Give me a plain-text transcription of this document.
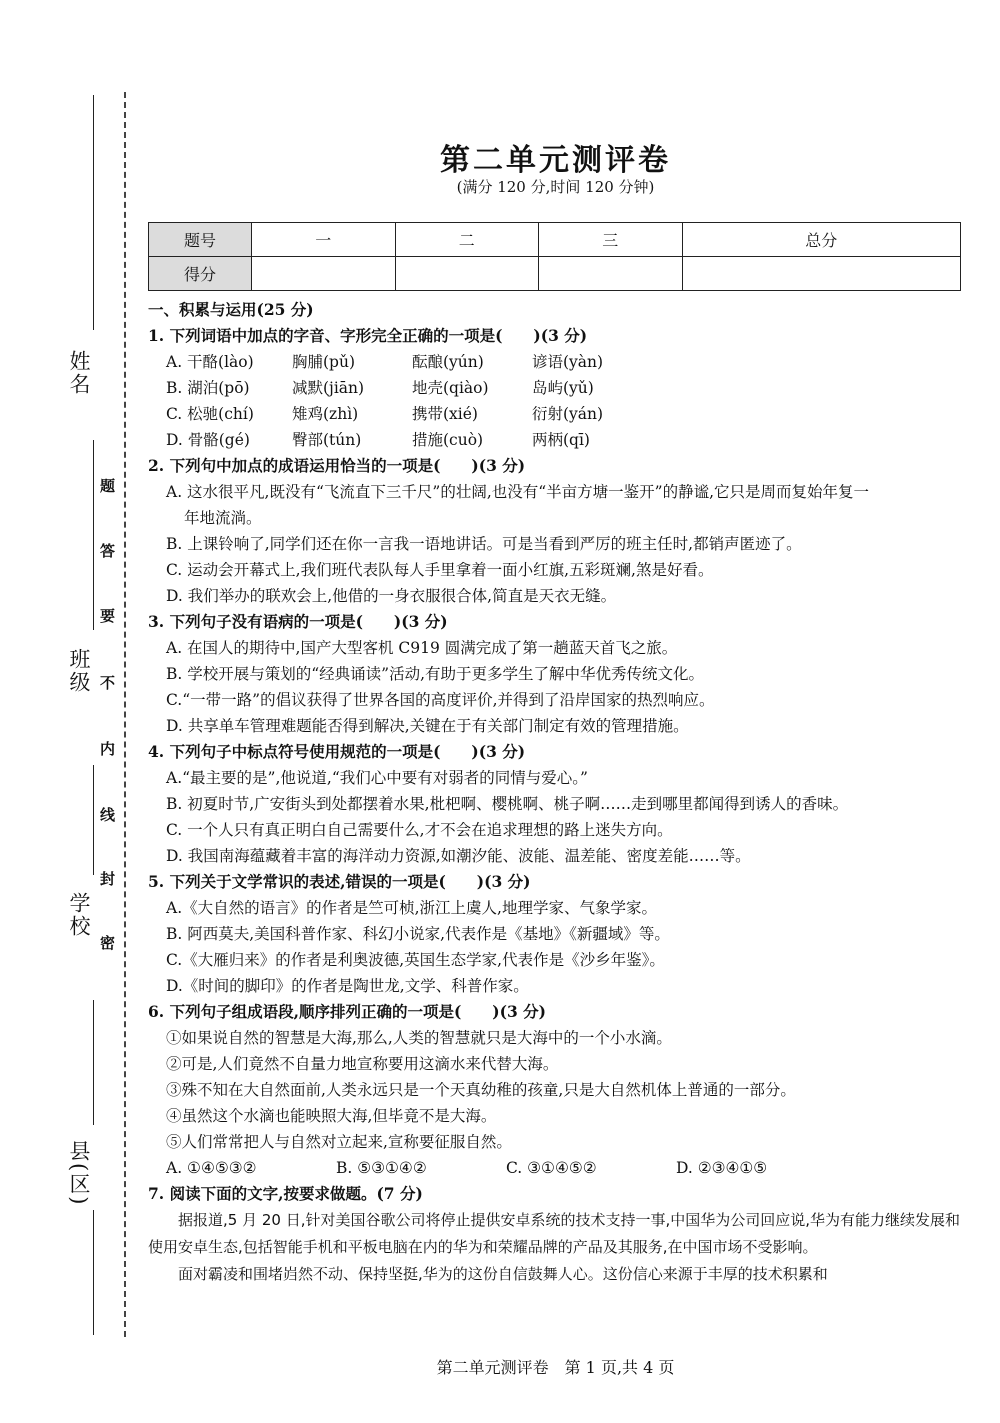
姓名
班级
学校
县(区)
题
答
要
不
内
线
封
密
第二单元测评卷
(满分 120 分,时间 120 分钟)
题号	一	二	三	总分
得分				
一、积累与运用(25 分)
1. 下列词语中加点的字音、字形完全正确的一项是(　　)(3 分)
A. 干酪(lào)	胸脯(pǔ)	酝酿(yún)	谚语(yàn)
B. 湖泊(pō)	减默(jiān)	地壳(qiào)	岛屿(yǔ)
C. 松驰(chí)	雉鸡(zhì)	携带(xié)	衍射(yán)
D. 骨骼(gé)	臀部(tún)	措施(cuò)	两柄(qī)
2. 下列句中加点的成语运用恰当的一项是(　　)(3 分)
A. 这水很平凡,既没有“飞流直下三千尺”的壮阔,也没有“半亩方塘一鉴开”的静谧,它只是周而复始年复一
年地流淌。
B. 上课铃响了,同学们还在你一言我一语地讲话。可是当看到严厉的班主任时,都销声匿迹了。
C. 运动会开幕式上,我们班代表队每人手里拿着一面小红旗,五彩斑斓,煞是好看。
D. 我们举办的联欢会上,他借的一身衣服很合体,简直是天衣无缝。
3. 下列句子没有语病的一项是(　　)(3 分)
A. 在国人的期待中,国产大型客机 C919 圆满完成了第一趟蓝天首飞之旅。
B. 学校开展与策划的“经典诵读”活动,有助于更多学生了解中华优秀传统文化。
C.“一带一路”的倡议获得了世界各国的高度评价,并得到了沿岸国家的热烈响应。
D. 共享单车管理难题能否得到解决,关键在于有关部门制定有效的管理措施。
4. 下列句子中标点符号使用规范的一项是(　　)(3 分)
A.“最主要的是”,他说道,“我们心中要有对弱者的同情与爱心。”
B. 初夏时节,广安街头到处都摆着水果,枇杷啊、樱桃啊、桃子啊……走到哪里都闻得到诱人的香味。
C. 一个人只有真正明白自己需要什么,才不会在追求理想的路上迷失方向。
D. 我国南海蕴藏着丰富的海洋动力资源,如潮汐能、波能、温差能、密度差能……等。
5. 下列关于文学常识的表述,错误的一项是(　　)(3 分)
A.《大自然的语言》的作者是竺可桢,浙江上虞人,地理学家、气象学家。
B. 阿西莫夫,美国科普作家、科幻小说家,代表作是《基地》《新疆域》等。
C.《大雁归来》的作者是利奥波德,英国生态学家,代表作是《沙乡年鉴》。
D.《时间的脚印》的作者是陶世龙,文学、科普作家。
6. 下列句子组成语段,顺序排列正确的一项是(　　)(3 分)
①如果说自然的智慧是大海,那么,人类的智慧就只是大海中的一个小水滴。
②可是,人们竟然不自量力地宣称要用这滴水来代替大海。
③殊不知在大自然面前,人类永远只是一个天真幼稚的孩童,只是大自然机体上普通的一部分。
④虽然这个水滴也能映照大海,但毕竟不是大海。
⑤人们常常把人与自然对立起来,宣称要征服自然。
A. ①④⑤③②	B. ⑤③①④②	C. ③①④⑤②	D. ②③④①⑤
7. 阅读下面的文字,按要求做题。(7 分)
据报道,5 月 20 日,针对美国谷歌公司将停止提供安卓系统的技术支持一事,中国华为公司回应说,华为有能力继续发展和使用安卓生态,包括智能手机和平板电脑在内的华为和荣耀品牌的产品及其服务,在中国市场不受影响。
面对霸凌和围堵岿然不动、保持坚挺,华为的这份自信鼓舞人心。这份信心来源于丰厚的技术积累和
第二单元测评卷　第 1 页,共 4 页
